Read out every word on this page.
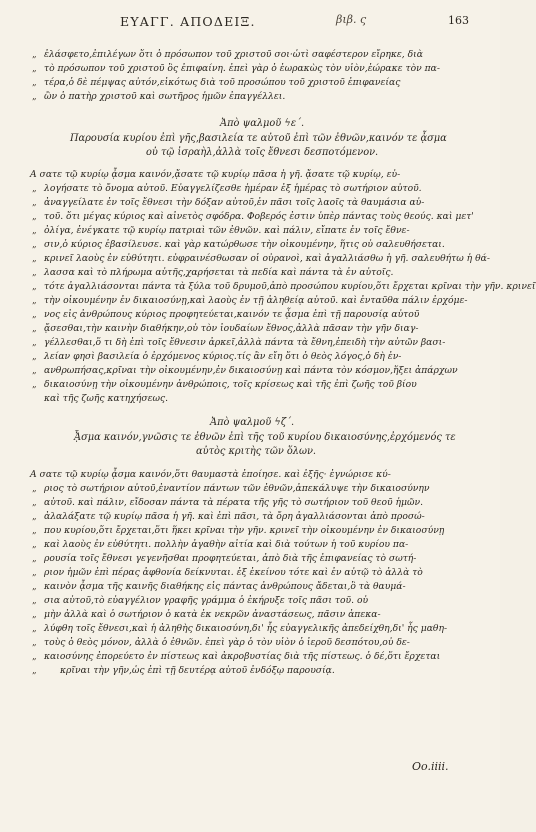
ΕΥΑΓΓ. ΑΠΟΔΕΙΞ.	βιβ. ς	163
ἐλάσφετο,ἐπιλέγων ὅτι ὁ πρόσωπον τοῦ χριστοῦ σοι·ὡτὶ σαφέστερον εἴρηκε, διὰ
τὸ πρόσωπον τοῦ χριστοῦ ὃς ἐπιφαίνη. ἐπεὶ γὰρ ὁ ἑωρακὼς τὸν υἱὸν,ἑώρακε τὸν πα-
τέρα,ὁ δὲ πέμψας αὐτόν,εἰκότως διὰ τοῦ προσώπου τοῦ χριστοῦ ἐπιφανείας
ὢν ὁ πατὴρ χριστοῦ καὶ σωτῆρος ἡμῶν ἐπαγγέλλει.
Ἀπὸ ψαλμοῦ ϟε΄.
Παρουσία κυρίου ἐπὶ γῆς,βασιλεία τε αὐτοῦ ἐπὶ τῶν ἐθνῶν,καινόν τε ᾆσμα
οὐ τῷ ἰσραὴλ,ἀλλὰ τοῖς ἔθνεσι δεσποτόμενον.
Α σατε τῷ κυρίῳ ᾆσμα καινόν,ᾄσατε τῷ κυρίῳ πᾶσα ἡ γῆ. ᾄσατε τῷ κυρίῳ, εὐ-
λογήσατε τὸ ὄνομα αὐτοῦ. Εὐαγγελίζεσθε ἡμέραν ἐξ ἡμέρας τὸ σωτήριον αὐτοῦ.
ἀναγγείλατε ἐν τοῖς ἔθνεσι τὴν δόξαν αὐτοῦ,ἐν πᾶσι τοῖς λαοῖς τὰ θαυμάσια αὐ-
τοῦ. ὅτι μέγας κύριος καὶ αἰνετὸς σφόδρα. Φοβερός ἐστιν ὑπὲρ πάντας τοὺς θεούς. καὶ μετ'
ὀλίγα, ἐνέγκατε τῷ κυρίῳ πατριαὶ τῶν ἐθνῶν. καὶ πάλιν, εἴπατε ἐν τοῖς ἔθνε-
σιν,ὁ κύριος ἐβασίλευσε. καὶ γὰρ κατώρθωσε τὴν οἰκουμένην, ἥτις οὐ σαλευθήσεται.
κρινεῖ λαοὺς ἐν εὐθύτητι. εὐφραινέσθωσαν οἱ οὐρανοὶ, καὶ ἀγαλλιάσθω ἡ γῆ. σαλευθήτω ἡ θά-
λασσα καὶ τὸ πλήρωμα αὐτῆς,χαρήσεται τὰ πεδία καὶ πάντα τὰ ἐν αὐτοῖς.
τότε ἀγαλλιάσονται πάντα τὰ ξύλα τοῦ δρυμοῦ,ἀπὸ προσώπου κυρίου,ὅτι ἔρχεται κρῖναι τὴν γῆν. κρινεῖ
τὴν οἰκουμένην ἐν δικαιοσύνῃ,καὶ λαοὺς ἐν τῇ ἀληθείᾳ αὐτοῦ. καὶ ἐνταῦθα πάλιν ἐρχόμε-
νος εἰς ἀνθρώπους κύριος προφητεύεται,καινόν τε ᾆσμα ἐπὶ τῇ παρουσίᾳ αὐτοῦ
ᾄσεσθαι,τὴν καινὴν διαθήκην,οὐ τὸν ἰουδαίων ἔθνος,ἀλλὰ πᾶσαν τὴν γῆν διαγ-
γέλλεσθαι,ὅ τι δὴ ἐπὶ τοῖς ἔθνεσιν ἀρκεῖ,ἀλλὰ πάντα τὰ ἔθνη,ἐπειδὴ τὴν αὐτῶν βασι-
λείαν φησὶ βασιλεία ὁ ἐρχόμενος κύριος.τίς ἂν εἴη ὅτι ὁ θεὸς λόγος,ὁ δὴ ἐν-
ανθρωπήσας,κρῖναι τὴν οἰκουμένην,ἐν δικαιοσύνῃ καὶ πάντα τὸν κόσμον,ἥξει ἀπάρχων
δικαιοσύνῃ τὴν οἰκουμένην ἀνθρώποις, τοῖς κρίσεως καὶ τῆς ἐπὶ ζωῆς τοῦ βίου
καὶ τῆς ζωῆς κατηχήσεως.
Ἀπὸ ψαλμοῦ ϟζ΄.
ᾎσμα καινόν,γνῶσις τε ἐθνῶν ἐπὶ τῆς τοῦ κυρίου δικαιοσύνης,ἐρχόμενός τε
αὐτὸς κριτὴς τῶν ὅλων.
Α σατε τῷ κυρίῳ ᾆσμα καινόν,ὅτι θαυμαστὰ ἐποίησε. καὶ ἐξῆς· ἐγνώρισε κύ-
ριος τὸ σωτήριον αὐτοῦ,ἐναντίον πάντων τῶν ἐθνῶν,ἀπεκάλυψε τὴν δικαιοσύνην
αὐτοῦ. καὶ πάλιν, εἴδοσαν πάντα τὰ πέρατα τῆς γῆς τὸ σωτήριον τοῦ θεοῦ ἡμῶν.
ἀλαλάξατε τῷ κυρίῳ πᾶσα ἡ γῆ. καὶ ἐπὶ πᾶσι, τὰ ὄρη ἀγαλλιάσονται ἀπὸ προσώ-
που κυρίου,ὅτι ἔρχεται,ὅτι ἥκει κρῖναι τὴν γῆν. κρινεῖ τὴν οἰκουμένην ἐν δικαιοσύνῃ
καὶ λαοὺς ἐν εὐθύτητι. πολλὴν ἀγαθὴν αἰτία καὶ διὰ τούτων ἡ τοῦ κυρίου πα-
ρουσία τοῖς ἔθνεσι γεγενῆσθαι προφητεύεται, ἀπὸ διὰ τῆς ἐπιφανείας τὸ σωτή-
ριον ἡμῶν ἐπὶ πέρας ἀφθονία δείκνυται. ἐξ ἐκείνου τότε καὶ ἐν αὐτῷ τὸ ἀλλὰ τὸ
καινὸν ᾆσμα τῆς καινῆς διαθήκης εἰς πάντας ἀνθρώπους ἄδεται,ὃ τὰ θαυμά-
σια αὐτοῦ,τὸ εὐαγγέλιον γραφῆς γράμμα ὁ ἐκήρυξε τοῖς πᾶσι τοῦ. οὐ
μὴν ἀλλὰ καὶ ὁ σωτήριον ὁ κατὰ ἐκ νεκρῶν ἀναστάσεως, πᾶσιν ἀπεκα-
λύφθη τοῖς ἔθνεσι,καὶ ἡ ἀληθὴς δικαιοσύνη,δι' ἧς εὐαγγελικῆς ἀπεδείχθη,δι' ἧς μαθη-
τοὺς ὁ θεὸς μόνον, ἀλλὰ ὁ ἐθνῶν. ἐπεὶ γὰρ ὁ τὸν υἱὸν ὁ ἰεροῦ δεσπότου,οὐ δε-
καιοσύνης ἐπορεύετο ἐν πίστεως καὶ ἀκροβυστίας διὰ τῆς πίστεως. ὁ δέ,ὅτι ἔρχεται
κρῖναι τὴν γῆν,ὡς ἐπὶ τῇ δευτέρᾳ αὐτοῦ ἐνδόξῳ παρουσίᾳ.
„
„
„
„
„
„
„
„
„
„
„
„
„
„
„
„
„
„
„
„
„
„
„
„
„
„
„
„
„
„
„
„
„
Oo.iiii.
